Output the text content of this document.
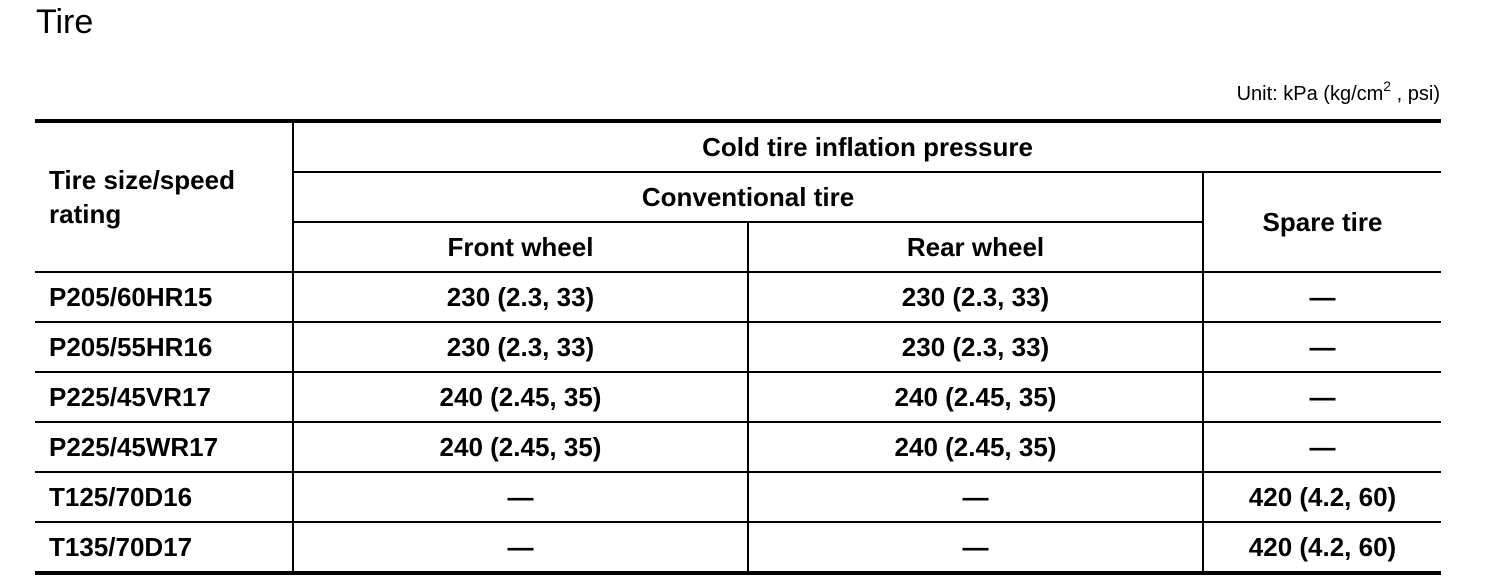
Tire
Unit: kPa ($kg/cm^2$ , psi)
Tire size/speed rating	Cold tire inflation pressure		
	Conventional tire		Spare tire
	Front wheel	Rear wheel	
P205/60HR15	230 (2.3, 33)	230 (2.3, 33)	—
P205/55HR16	230 (2.3, 33)	230 (2.3, 33)	—
P225/45VR17	240 (2.45, 35)	240 (2.45, 35)	—
P225/45WR17	240 (2.45, 35)	240 (2.45, 35)	—
T125/70D16	—	—	420 (4.2, 60)
T135/70D17	—	—	420 (4.2, 60)
